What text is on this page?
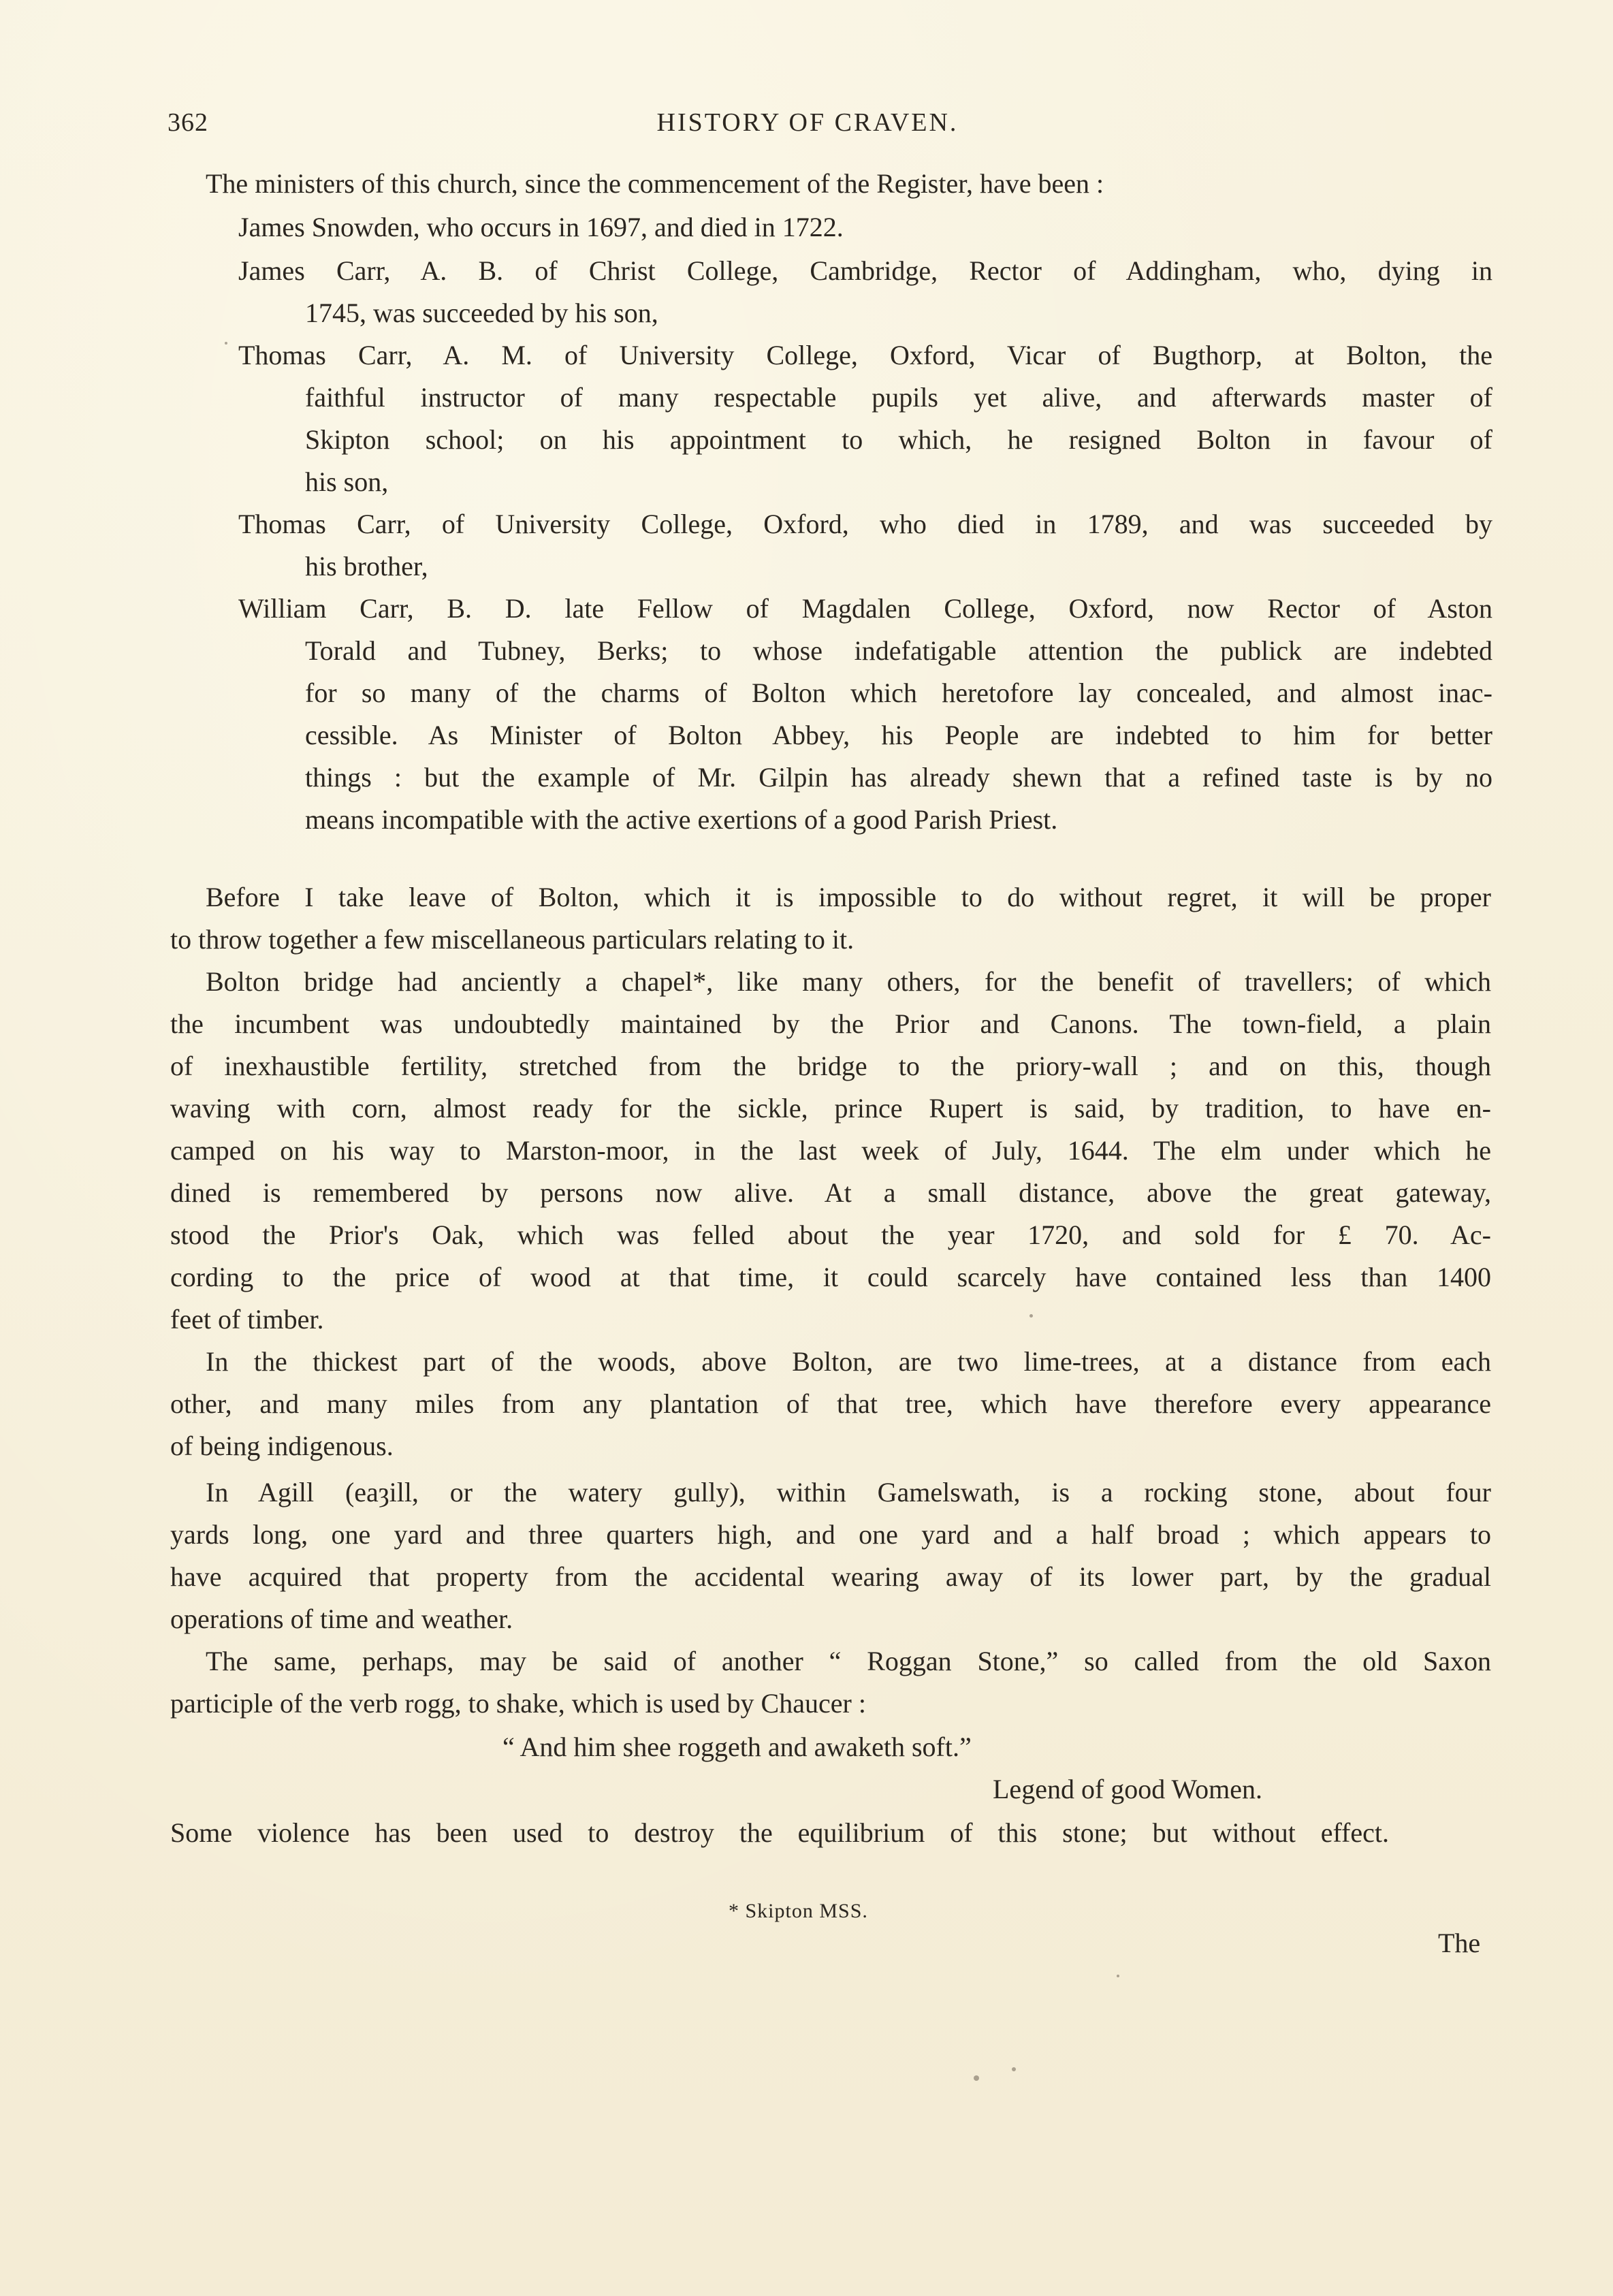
362	HISTORY OF CRAVEN.
The ministers of this church, since the commencement of the Register, have been :
James Snowden, who occurs in 1697, and died in 1722.
James Carr, A. B. of Christ College, Cambridge, Rector of Addingham, who, dying in
1745, was succeeded by his son,
Thomas Carr, A. M. of University College, Oxford, Vicar of Bugthorp, at Bolton, the
faithful instructor of many respectable pupils yet alive, and afterwards master of
Skipton school; on his appointment to which, he resigned Bolton in favour of
his son,
Thomas Carr, of University College, Oxford, who died in 1789, and was succeeded by
his brother,
William Carr, B. D. late Fellow of Magdalen College, Oxford, now Rector of Aston
Torald and Tubney, Berks; to whose indefatigable attention the publick are indebted
for so many of the charms of Bolton which heretofore lay concealed, and almost inac-
cessible. As Minister of Bolton Abbey, his People are indebted to him for better
things : but the example of Mr. Gilpin has already shewn that a refined taste is by no
means incompatible with the active exertions of a good Parish Priest.
Before I take leave of Bolton, which it is impossible to do without regret, it will be proper
to throw together a few miscellaneous particulars relating to it.
Bolton bridge had anciently a chapel*, like many others, for the benefit of travellers; of which
the incumbent was undoubtedly maintained by the Prior and Canons. The town-field, a plain
of inexhaustible fertility, stretched from the bridge to the priory-wall ; and on this, though
waving with corn, almost ready for the sickle, prince Rupert is said, by tradition, to have en-
camped on his way to Marston-moor, in the last week of July, 1644. The elm under which he
dined is remembered by persons now alive. At a small distance, above the great gateway,
stood the Prior's Oak, which was felled about the year 1720, and sold for £ 70. Ac-
cording to the price of wood at that time, it could scarcely have contained less than 1400
feet of timber.
In the thickest part of the woods, above Bolton, are two lime-trees, at a distance from each
other, and many miles from any plantation of that tree, which have therefore every appearance
of being indigenous.
In Agill (eaȝill, or the watery gully), within Gamelswath, is a rocking stone, about four
yards long, one yard and three quarters high, and one yard and a half broad ; which appears to
have acquired that property from the accidental wearing away of its lower part, by the gradual
operations of time and weather.
The same, perhaps, may be said of another “ Roggan Stone,” so called from the old Saxon
participle of the verb rogg, to shake, which is used by Chaucer :
“ And him shee roggeth and awaketh soft.”
Legend of good Women.
Some violence has been used to destroy the equilibrium of this stone; but without effect.
* Skipton MSS.
The
